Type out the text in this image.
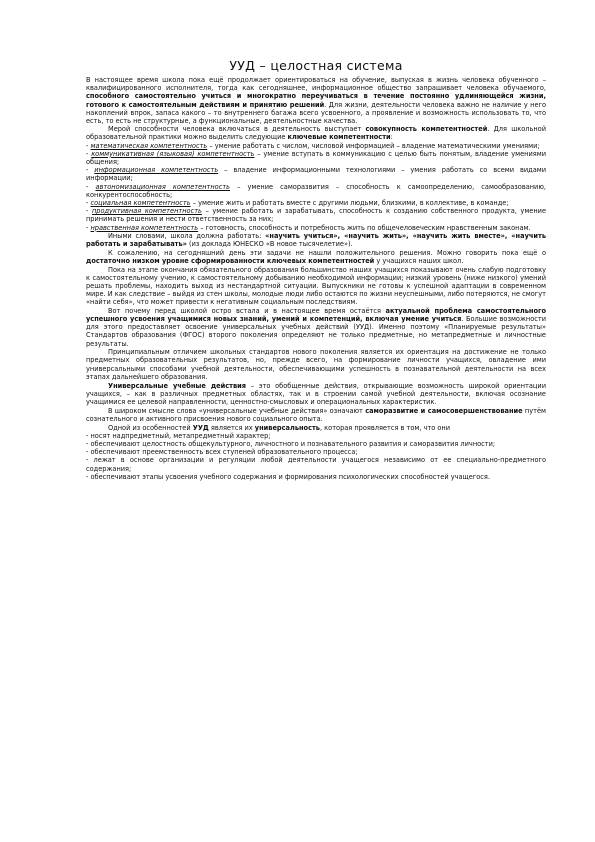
УУД – целостная система

В настоящее время школа пока ещё продолжает ориентироваться на обучение, выпуская в жизнь человека обученного – квалифицированного исполнителя, тогда как сегодняшнее, информационное общество запрашивает человека обучаемого, способного самостоятельно учиться и многократно переучиваться в течение постоянно удлиняющейся жизни, готового к самостоятельным действиям и принятию решений. Для жизни, деятельности человека важно не наличие у него накоплений впрок, запаса какого – то внутреннего багажа всего усвоенного, а проявление и возможность использовать то, что есть, то есть не структурные, а функциональные, деятельностные качества.

Мерой способности человека включаться в деятельность выступает совокупность компетентностей. Для школьной образовательной практики можно выделить следующие ключевые компетентности:

- математическая компетентность – умение работать с числом, числовой информацией – владение математическими умениями;

- коммуникативная (языковая) компетентность – умение вступать в коммуникацию с целью быть понятым, владение умениями общения;

- информационная компетентность – владение информационными технологиями – умения работать со всеми видами информации;

- автономизационная компетентность – умение саморазвития – способность к самоопределению, самообразованию, конкурентоспособность;

- социальная компетентность – умение жить и работать вместе с другими людьми, близкими, в коллективе, в команде;

- продуктивная компетентность – умение работать и зарабатывать, способность к созданию собственного продукта, умение принимать решения и нести ответственность за них;

- нравственная компетентность – готовность, способность и потребность жить по общечеловеческим нравственным законам.

Иными словами, школа должна работать: «научить учиться», «научить жить», «научить жить вместе», «научить работать и зарабатывать» (из доклада ЮНЕСКО «В новое тысячелетие»).

К сожалению, на сегодняшний день эти задачи не нашли положительного решения. Можно говорить пока ещё о достаточно низком уровне сформированности ключевых компетентностей у учащихся наших школ.

Пока на этапе окончания обязательного образования большинство наших учащихся показывают очень слабую подготовку к самостоятельному учению, к самостоятельному добыванию необходимой информации; низкий уровень (ниже низкого) умений решать проблемы, находить выход из нестандартной ситуации. Выпускники не готовы к успешной адаптации в современном мире. И как следствие – выйдя из стен школы, молодые люди либо остаются по жизни неуспешными, либо потеряются, не смогут «найти себя», что может привести к негативным социальным последствиям.

Вот почему перед школой остро встала и в настоящее время остаётся актуальной проблема самостоятельного успешного усвоения учащимися новых знаний, умений и компетенций, включая умение учиться. Большие возможности для этого предоставляет освоение универсальных учебных действий (УУД). Именно поэтому «Планируемые результаты» Стандартов образования (ФГОС) второго поколения определяют не только предметные, но метапредметные и личностные результаты.

Принципиальным отличием школьных стандартов нового поколения является их ориентация на достижение не только предметных образовательных результатов, но, прежде всего, на формирование личности учащихся, овладение ими универсальными способами учебной деятельности, обеспечивающими успешность в познавательной деятельности на всех этапах дальнейшего образования.

Универсальные учебные действия – это обобщенные действия, открывающие возможность широкой ориентации учащихся, – как в различных предметных областях, так и в строении самой учебной деятельности, включая осознание учащимися ее целевой направленности, ценностно-смысловых и операциональных характеристик.

В широком смысле слова «универсальные учебные действия» означают саморазвитие и самосовершенствование путём сознательного и активного присвоения нового социального опыта.

Одной из особенностей УУД является их универсальность, которая проявляется в том, что они

- носят надпредметный, метапредметный характер;

- обеспечивают целостность общекультурного, личностного и познавательного развития и саморазвития личности;

- обеспечивают преемственность всех ступеней образовательного процесса;

- лежат в основе организации и регуляции любой деятельности учащегося независимо от ее специально-предметного содержания;

- обеспечивают этапы усвоения учебного содержания и формирования психологических способностей учащегося.
